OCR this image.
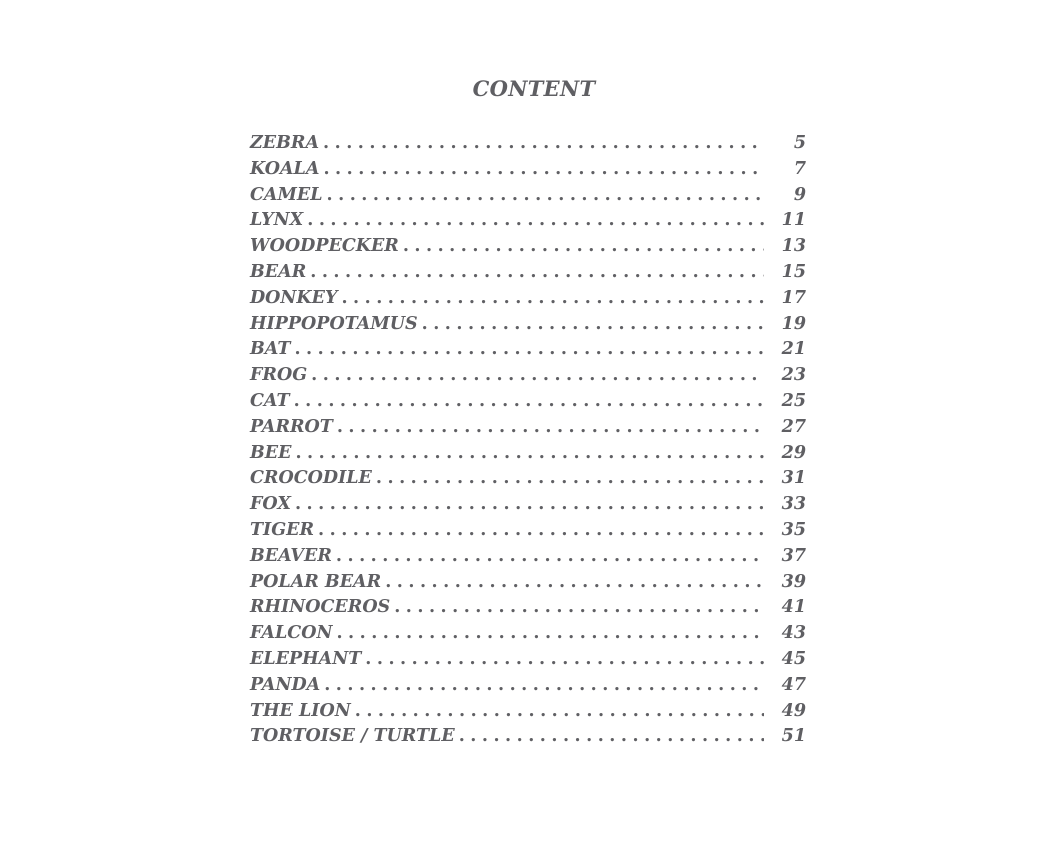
CONTENT
ZEBRA . . .	5
KOALA . . .	7
CAMEL . . .	9
LYNX . . .	11
WOODPECKER . . .	13
BEAR . . .	15
DONKEY . . .	17
HIPPOPOTAMUS . . .	19
BAT . . .	21
FROG . . .	23
CAT . . .	25
PARROT . . .	27
BEE . . .	29
CROCODILE . . .	31
FOX . . .	33
TIGER . . .	35
BEAVER . . .	37
POLAR BEAR . . .	39
RHINOCEROS . . .	41
FALCON . . .	43
ELEPHANT . . .	45
PANDA . . .	47
THE LION . . .	49
TORTOISE / TURTLE . . .	51
